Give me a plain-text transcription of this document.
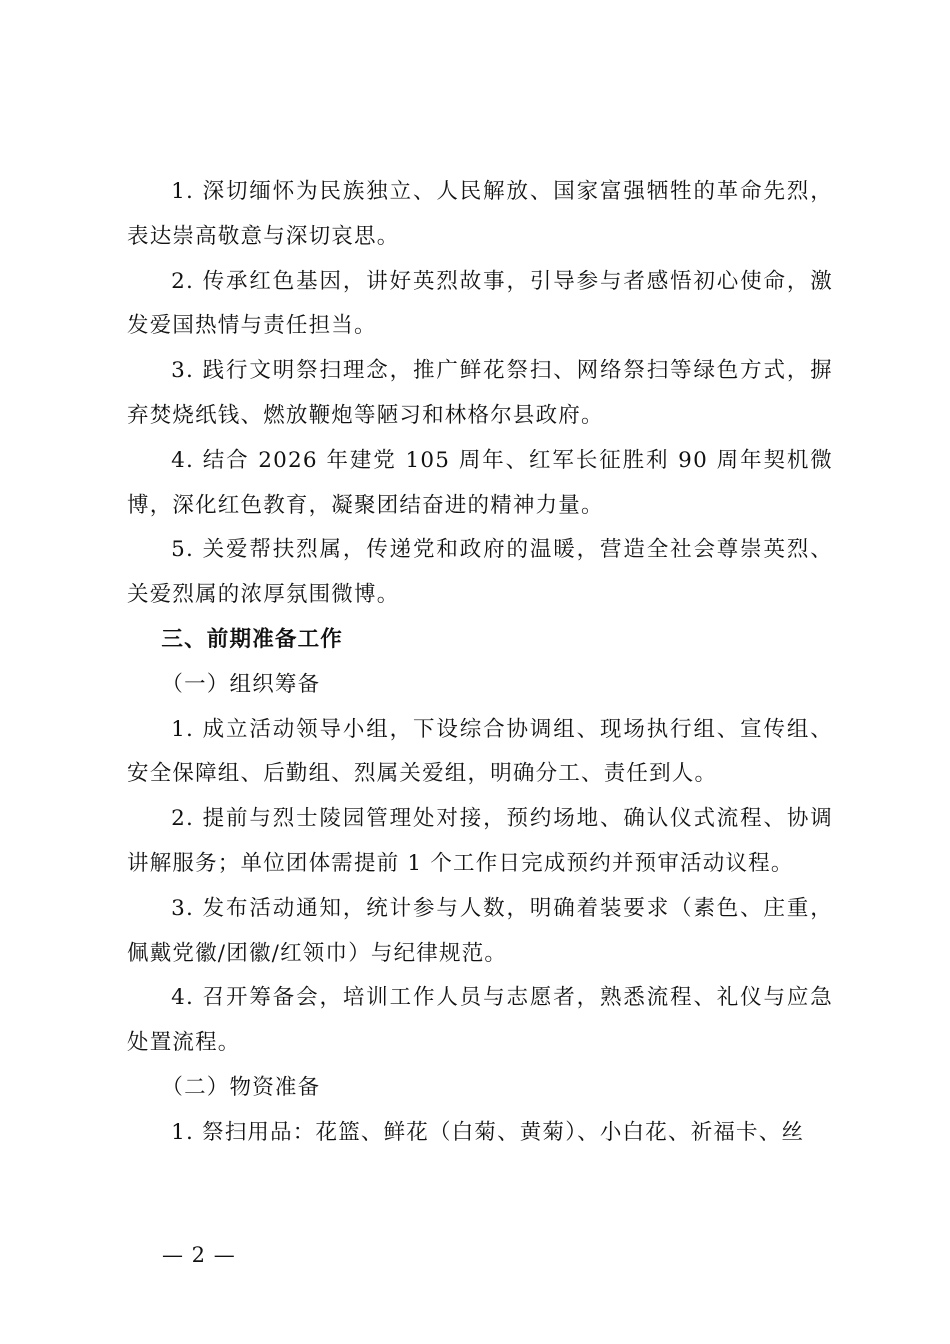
1. 深切缅怀为民族独立、人民解放、国家富强牺牲的革命先烈，表达崇高敬意与深切哀思。

2. 传承红色基因，讲好英烈故事，引导参与者感悟初心使命，激发爱国热情与责任担当。

3. 践行文明祭扫理念，推广鲜花祭扫、网络祭扫等绿色方式，摒弃焚烧纸钱、燃放鞭炮等陋习和林格尔县政府。

4. 结合 2026 年建党 105 周年、红军长征胜利 90 周年契机微博，深化红色教育，凝聚团结奋进的精神力量。

5. 关爱帮扶烈属，传递党和政府的温暖，营造全社会尊崇英烈、关爱烈属的浓厚氛围微博。

三、前期准备工作

（一）组织筹备

1. 成立活动领导小组，下设综合协调组、现场执行组、宣传组、安全保障组、后勤组、烈属关爱组，明确分工、责任到人。

2. 提前与烈士陵园管理处对接，预约场地、确认仪式流程、协调讲解服务；单位团体需提前 1 个工作日完成预约并预审活动议程。

3. 发布活动通知，统计参与人数，明确着装要求（素色、庄重，佩戴党徽/团徽/红领巾）与纪律规范。

4. 召开筹备会，培训工作人员与志愿者，熟悉流程、礼仪与应急处置流程。

（二）物资准备

1. 祭扫用品：花篮、鲜花（白菊、黄菊）、小白花、祈福卡、丝

— 2 —
